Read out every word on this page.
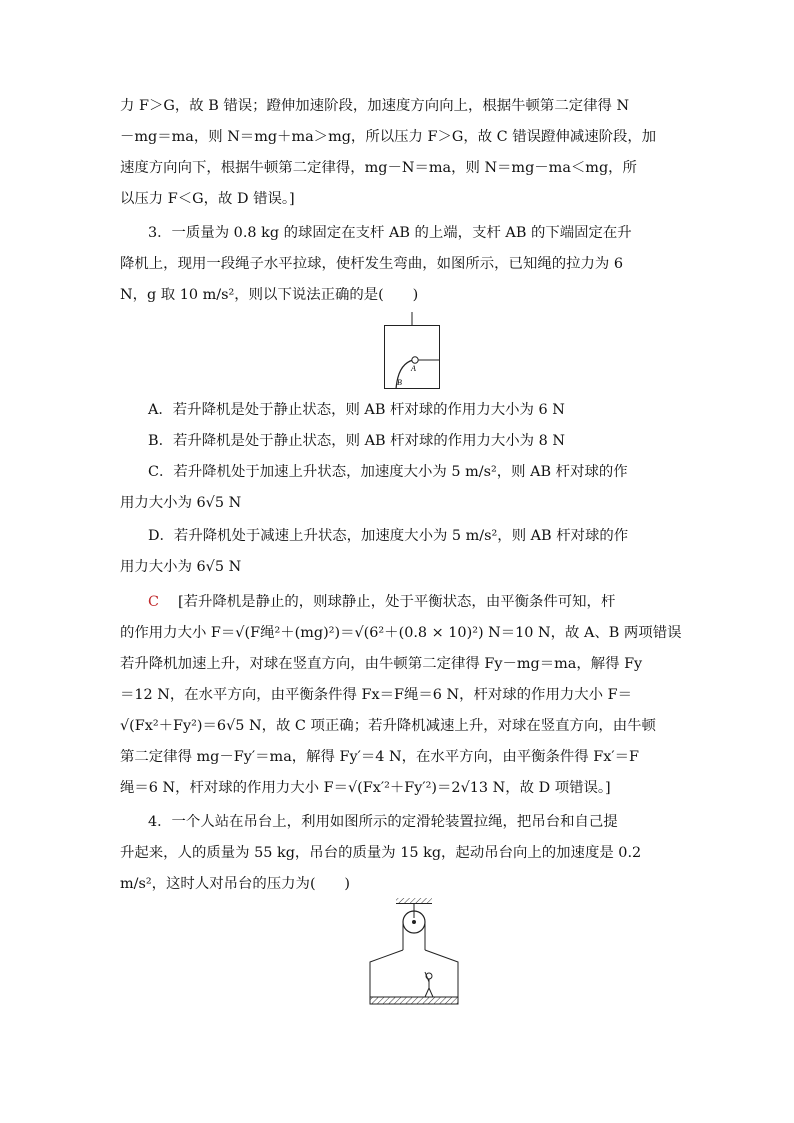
力 F＞G，故 B 错误；蹬伸加速阶段，加速度方向向上，根据牛顿第二定律得 N
－mg＝ma，则 N＝mg＋ma＞mg，所以压力 F＞G，故 C 错误蹬伸减速阶段，加
速度方向向下，根据牛顿第二定律得，mg－N＝ma，则 N＝mg－ma＜mg，所
以压力 F＜G，故 D 错误。]
3．一质量为 0.8 kg 的球固定在支杆 AB 的上端，支杆 AB 的下端固定在升
降机上，现用一段绳子水平拉球，使杆发生弯曲，如图所示，已知绳的拉力为 6
N，g 取 10 m/s²，则以下说法正确的是(　　)
A
B
A．若升降机是处于静止状态，则 AB 杆对球的作用力大小为 6 N
B．若升降机是处于静止状态，则 AB 杆对球的作用力大小为 8 N
C．若升降机处于加速上升状态，加速度大小为 5 m/s²，则 AB 杆对球的作
用力大小为 6√5 N
D．若升降机处于减速上升状态，加速度大小为 5 m/s²，则 AB 杆对球的作
用力大小为 6√5 N
C [若升降机是静止的，则球静止，处于平衡状态，由平衡条件可知，杆
的作用力大小 F＝√(F绳²＋(mg)²)＝√(6²＋(0.8 × 10)²) N＝10 N，故 A、B 两项错误
若升降机加速上升，对球在竖直方向，由牛顿第二定律得 Fy－mg＝ma，解得 Fy
＝12 N，在水平方向，由平衡条件得 Fx＝F绳＝6 N，杆对球的作用力大小 F＝
√(Fx²＋Fy²)＝6√5 N，故 C 项正确；若升降机减速上升，对球在竖直方向，由牛顿
第二定律得 mg－Fy′＝ma，解得 Fy′＝4 N，在水平方向，由平衡条件得 Fx′＝F
绳＝6 N，杆对球的作用力大小 F＝√(Fx′²＋Fy′²)＝2√13 N，故 D 项错误。]
4．一个人站在吊台上，利用如图所示的定滑轮装置拉绳，把吊台和自己提
升起来，人的质量为 55 kg，吊台的质量为 15 kg，起动吊台向上的加速度是 0.2
m/s²，这时人对吊台的压力为(　　)
